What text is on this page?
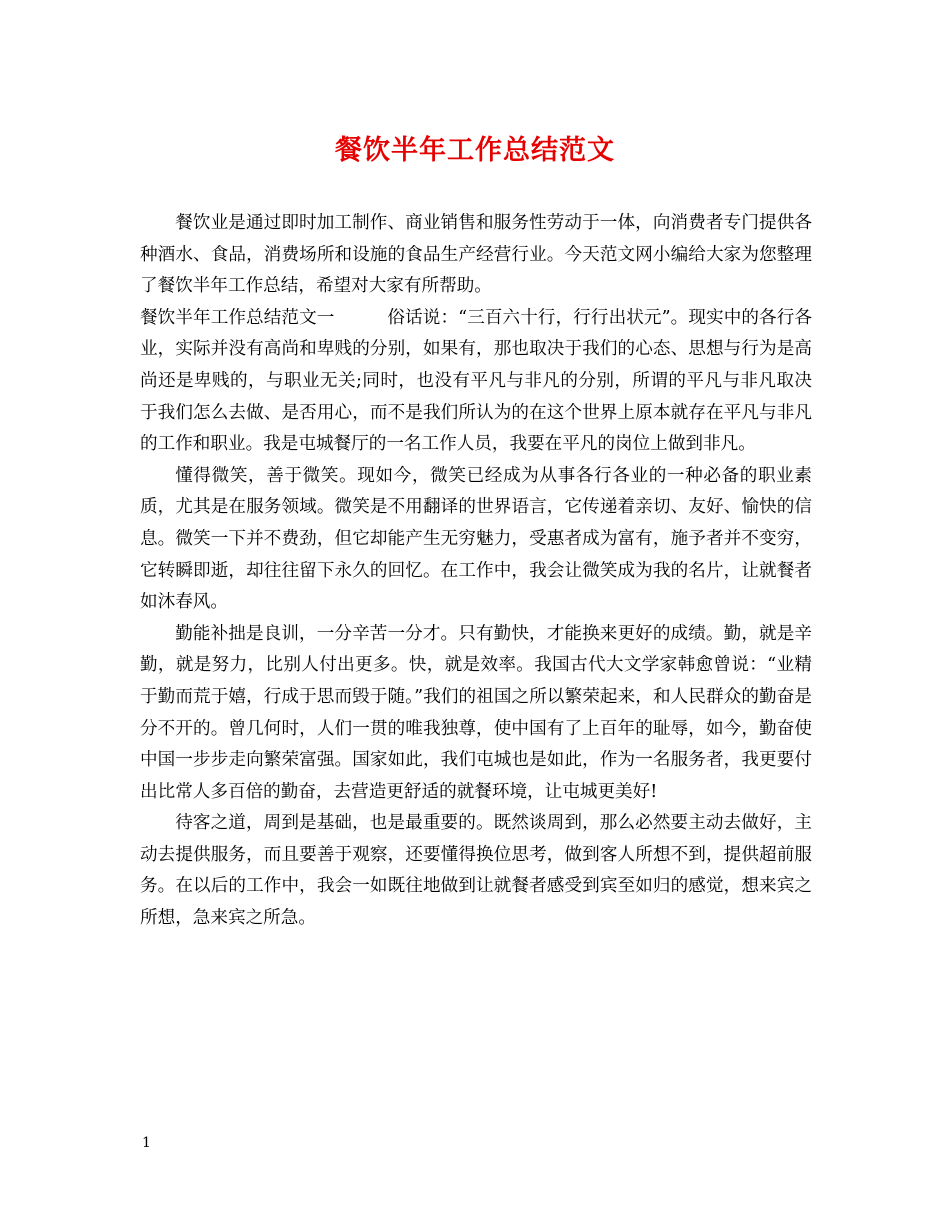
餐饮半年工作总结范文

餐饮业是通过即时加工制作、商业销售和服务性劳动于一体，向消费者专门提供各种酒水、食品，消费场所和设施的食品生产经营行业。今天范文网小编给大家为您整理了餐饮半年工作总结，希望对大家有所帮助。

餐饮半年工作总结范文一　　　俗话说：“三百六十行，行行出状元”。现实中的各行各业，实际并没有高尚和卑贱的分别，如果有，那也取决于我们的心态、思想与行为是高尚还是卑贱的，与职业无关;同时，也没有平凡与非凡的分别，所谓的平凡与非凡取决于我们怎么去做、是否用心，而不是我们所认为的在这个世界上原本就存在平凡与非凡的工作和职业。我是屯城餐厅的一名工作人员，我要在平凡的岗位上做到非凡。

懂得微笑，善于微笑。现如今，微笑已经成为从事各行各业的一种必备的职业素质，尤其是在服务领域。微笑是不用翻译的世界语言，它传递着亲切、友好、愉快的信息。微笑一下并不费劲，但它却能产生无穷魅力，受惠者成为富有，施予者并不变穷，它转瞬即逝，却往往留下永久的回忆。在工作中，我会让微笑成为我的名片，让就餐者如沐春风。

勤能补拙是良训，一分辛苦一分才。只有勤快，才能换来更好的成绩。勤，就是辛勤，就是努力，比别人付出更多。快，就是效率。我国古代大文学家韩愈曾说：“业精于勤而荒于嬉，行成于思而毁于随。”我们的祖国之所以繁荣起来，和人民群众的勤奋是分不开的。曾几何时，人们一贯的唯我独尊，使中国有了上百年的耻辱，如今，勤奋使中国一步步走向繁荣富强。国家如此，我们屯城也是如此，作为一名服务者，我更要付出比常人多百倍的勤奋，去营造更舒适的就餐环境，让屯城更美好!

待客之道，周到是基础，也是最重要的。既然谈周到，那么必然要主动去做好，主动去提供服务，而且要善于观察，还要懂得换位思考，做到客人所想不到，提供超前服务。在以后的工作中，我会一如既往地做到让就餐者感受到宾至如归的感觉，想来宾之所想，急来宾之所急。

1
